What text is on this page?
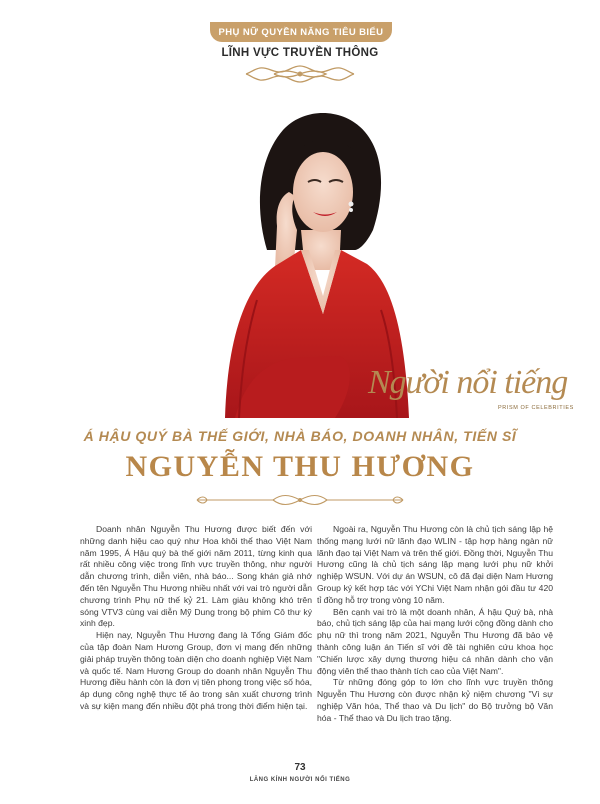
PHỤ NỮ QUYỀN NĂNG TIÊU BIỂU
LĨNH VỰC TRUYỀN THÔNG
Người nổi tiếng
PRISM OF CELEBRITIES
Á HẬU QUÝ BÀ THẾ GIỚI, NHÀ BÁO, DOANH NHÂN, TIẾN SĨ
NGUYỄN THU HƯƠNG

Doanh nhân Nguyễn Thu Hương được biết đến với những danh hiệu cao quý như Hoa khôi thể thao Việt Nam năm 1995, Á Hậu quý bà thế giới năm 2011, từng kinh qua rất nhiều công việc trong lĩnh vực truyền thông, như người dẫn chương trình, diễn viên, nhà báo... Song khán giả nhớ đến tên Nguyễn Thu Hương nhiều nhất với vai trò người dẫn chương trình Phụ nữ thế kỷ 21. Làm giàu không khó trên sóng VTV3 cùng vai diễn Mỹ Dung trong bộ phim Cô thư ký xinh đẹp.

Hiện nay, Nguyễn Thu Hương đang là Tổng Giám đốc của tập đoàn Nam Hương Group, đơn vị mang đến những giải pháp truyền thông toàn diện cho doanh nghiệp Việt Nam và quốc tế. Nam Hương Group do doanh nhân Nguyễn Thu Hương điều hành còn là đơn vị tiên phong trong việc số hóa, áp dụng công nghệ thực tế ảo trong sản xuất chương trình và sự kiện mang đến nhiều đột phá trong thời điểm hiện tại.

Ngoài ra, Nguyễn Thu Hương còn là chủ tịch sáng lập hệ thống mạng lưới nữ lãnh đạo WLIN - tập hợp hàng ngàn nữ lãnh đạo tại Việt Nam và trên thế giới. Đồng thời, Nguyễn Thu Hương cũng là chủ tịch sáng lập mạng lưới phụ nữ khởi nghiệp WSUN. Với dự án WSUN, cô đã đại diện Nam Hương Group ký kết hợp tác với YChi Việt Nam nhận gói đầu tư 420 tỉ đồng hỗ trợ trong vòng 10 năm.

Bên cạnh vai trò là một doanh nhân, Á hậu Quý bà, nhà báo, chủ tịch sáng lập của hai mạng lưới cộng đồng dành cho phụ nữ thì trong năm 2021, Nguyễn Thu Hương đã bảo vệ thành công luận án Tiến sĩ với đề tài nghiên cứu khoa học "Chiến lược xây dựng thương hiệu cá nhân dành cho vận động viên thể thao thành tích cao của Việt Nam".

Từ những đóng góp to lớn cho lĩnh vực truyền thông Nguyễn Thu Hương còn được nhận kỷ niệm chương "Vì sự nghiệp Văn hóa, Thể thao và Du lịch" do Bộ trưởng bộ Văn hóa - Thể thao và Du lịch trao tặng.

73
LĂNG KÍNH NGƯỜI NỔI TIẾNG
